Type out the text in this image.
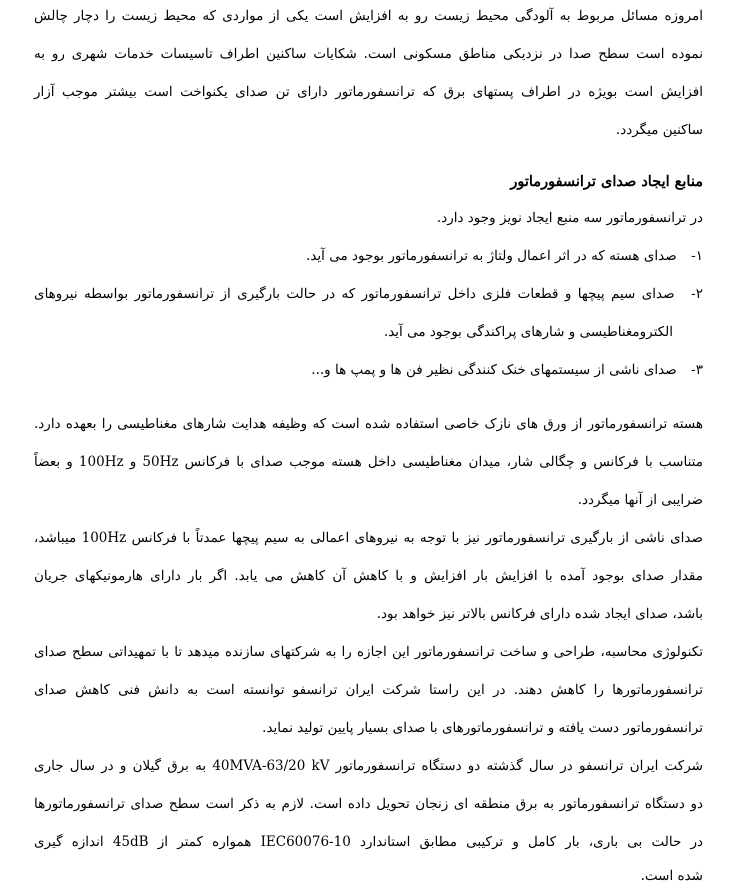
امروزه مسائل مربوط به آلودگی محیط زیست رو به افزایش است یکی از مواردی که محیط زیست را دچار چالش
نموده است سطح صدا در نزدیکی مناطق مسکونی است. شکایات ساکنین اطراف تاسیسات خدمات شهری رو به
افزایش است بویژه در اطراف پستهای برق که ترانسفورماتور دارای تن صدای یکنواخت است بیشتر موجب آزار
ساکنین میگردد.
منابع ایجاد صدای ترانسفورماتور
در ترانسفورماتور سه منبع ایجاد نویز وجود دارد.
۱- صدای هسته که در اثر اعمال ولتاژ به ترانسفورماتور بوجود می آید.
۲- صدای سیم پیچها و قطعات فلزی داخل ترانسفورماتور که در حالت بارگیری از ترانسفورماتور بواسطه نیروهای
الکترومغناطیسی و شارهای پراکندگی بوجود می آید.
۳- صدای ناشی از سیستمهای خنک کنندگی نظیر فن ها و پمپ ها و...
هسته ترانسفورماتور از ورق های نازک خاصی استفاده شده است که وظیفه هدایت شارهای مغناطیسی را بعهده دارد.
متناسب با فرکانس و چگالی شار، میدان مغناطیسی داخل هسته موجب صدای با فرکانس 50Hz و 100Hz و بعضاً
ضرایبی از آنها میگردد.
صدای ناشی از بارگیری ترانسفورماتور نیز با توجه به نیروهای اعمالی به سیم پیچها عمدتاً با فرکانس 100Hz میباشد،
مقدار صدای بوجود آمده با افزایش بار افزایش و با کاهش آن کاهش می یابد. اگر بار دارای هارمونیکهای جریان
باشد، صدای ایجاد شده دارای فرکانس بالاتر نیز خواهد بود.
تکنولوژی محاسبه، طراحی و ساخت ترانسفورماتور این اجازه را به شرکتهای سازنده میدهد تا با تمهیداتی سطح صدای
ترانسفورماتورها را کاهش دهند. در این راستا شرکت ایران ترانسفو توانسته است به دانش فنی کاهش صدای
ترانسفورماتور دست یافته و ترانسفورماتورهای با صدای بسیار پایین تولید نماید.
شرکت ایران ترانسفو در سال گذشته دو دستگاه ترانسفورماتور 40MVA-63/20 kV به برق گیلان و در سال جاری
دو دستگاه ترانسفورماتور به برق منطقه ای زنجان تحویل داده است. لازم به ذکر است سطح صدای ترانسفورماتورها
در حالت بی باری، بار کامل و ترکیبی مطابق استاندارد IEC60076-10 همواره کمتر از 45dB اندازه گیری
شده است.
